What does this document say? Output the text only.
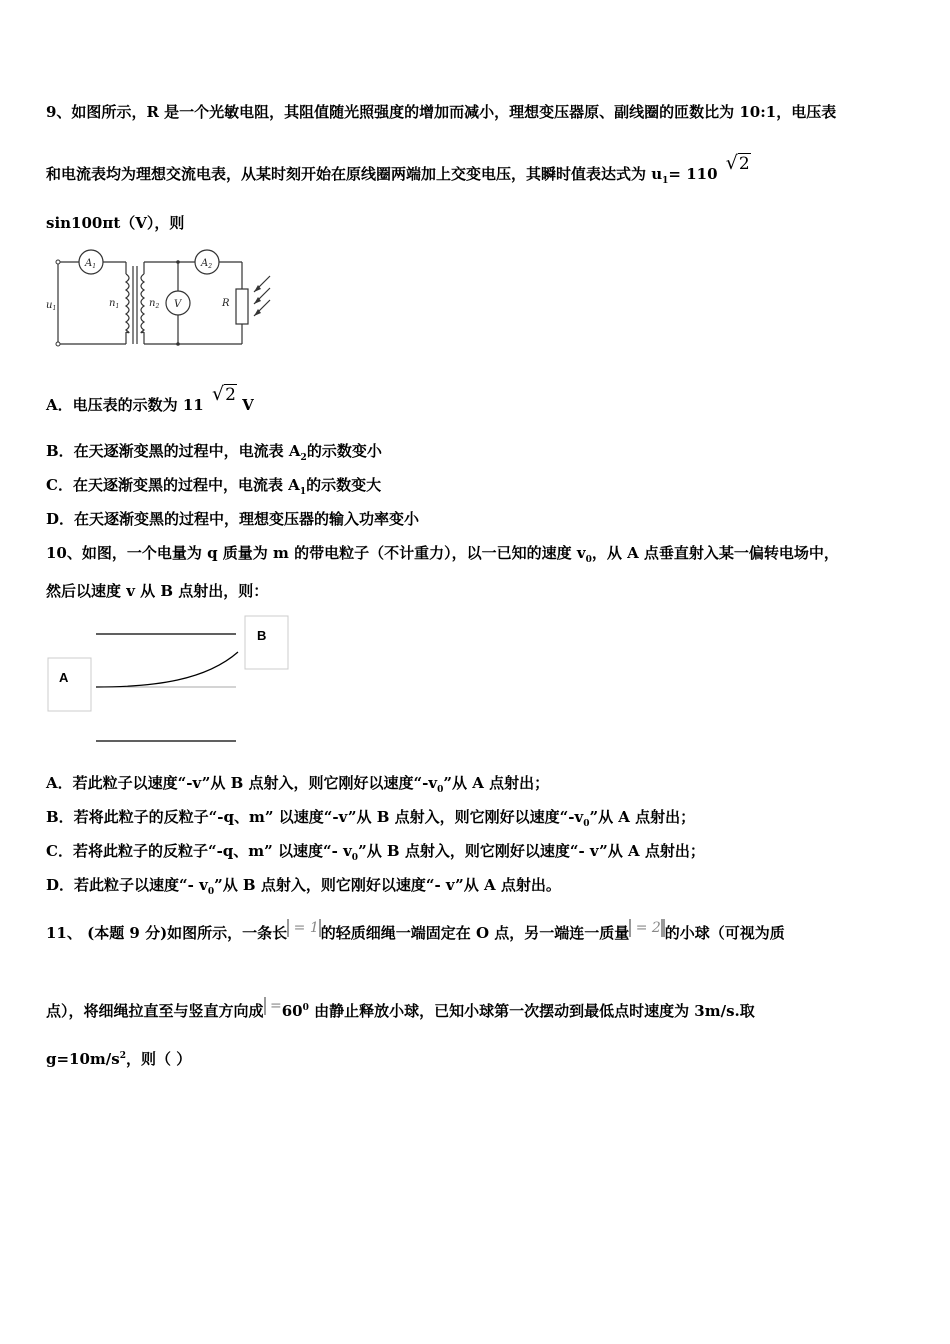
9、如图所示，R 是一个光敏电阻，其阻值随光照强度的增加而减小，理想变压器原、副线圈的匝数比为 10:1，电压表
和电流表均为理想交流电表，从某时刻开始在原线圈两端加上交变电压，其瞬时值表达式为 $u_1= 110$ √2
sin100πt（V），则
$A_1$	$A_2$
V
$u_1$	$n_1$	$n_2$	R
A．电压表的示数为 11 √2 V
B．在天逐渐变黑的过程中，电流表 $A_2$的示数变小
C．在天逐渐变黑的过程中，电流表 $A_1$的示数变大
D．在天逐渐变黑的过程中，理想变压器的输入功率变小
10、如图，一个电量为 q 质量为 m 的带电粒子（不计重力），以一已知的速度 $v_0$，从 A 点垂直射入某一偏转电场中，
然后以速度 v 从 B 点射出，则：
A
B
A．若此粒子以速度“-v”从 B 点射入，则它刚好以速度“$-v_0$”从 A 点射出；
B．若将此粒子的反粒子“-q、m” 以速度“-v”从 B 点射入，则它刚好以速度“$-v_0$”从 A 点射出；
C．若将此粒子的反粒子“-q、m” 以速度“- $v_0$”从 B 点射入，则它刚好以速度“- v”从 A 点射出；
D．若此粒子以速度“- $v_0$”从 B 点射入，则它刚好以速度“- v”从 A 点射出。
11、 (本题 9 分)如图所示，一条长 = 1 的轻质细绳一端固定在 O 点，另一端连一质量 = 2 的小球（可视为质
点），将细绳拉直至与竖直方向成 $=60^0$ 由静止释放小球，已知小球第一次摆动到最低点时速度为 3m/s.取
$g=10m/s^2$，则（ ）
